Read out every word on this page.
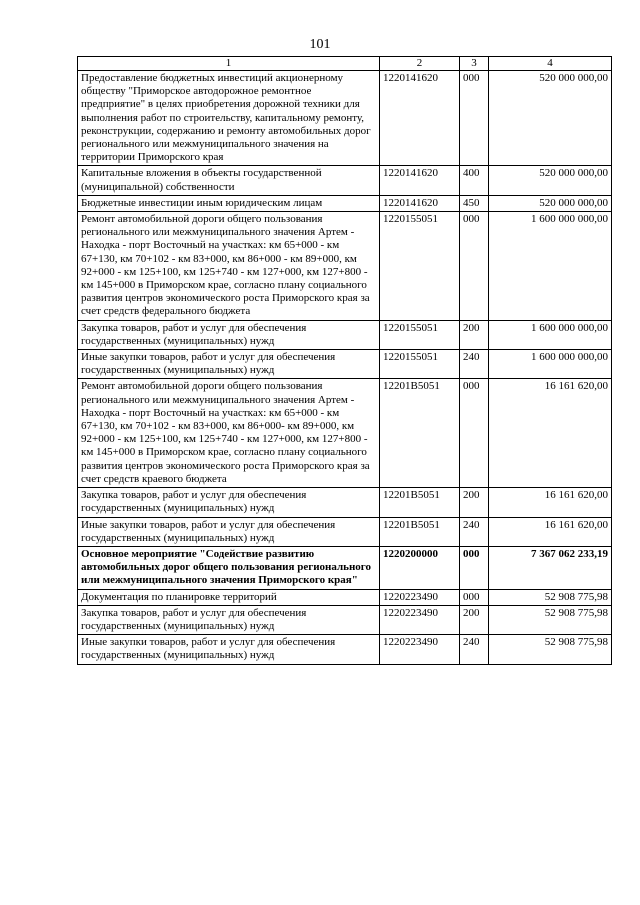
101
1	2	3	4
Предоставление бюджетных инвестиций акционерному обществу "Приморское автодорожное ремонтное предприятие" в целях приобретения дорожной техники для выполнения работ по строительству, капитальному ремонту, реконструкции, содержанию и ремонту автомобильных дорог регионального или межмуниципального значения на территории Приморского края	1220141620	000	520 000 000,00
Капитальные вложения в объекты государственной (муниципальной) собственности	1220141620	400	520 000 000,00
Бюджетные инвестиции иным юридическим лицам	1220141620	450	520 000 000,00
Ремонт автомобильной дороги общего пользования регионального или межмуниципального значения Артем - Находка - порт Восточный на участках: км 65+000 - км 67+130, км 70+102 - км 83+000, км 86+000 - км 89+000, км 92+000 - км 125+100, км 125+740 - км 127+000, км 127+800 - км 145+000 в Приморском крае, согласно плану социального развития центров экономического роста Приморского края за счет средств федерального бюджета	1220155051	000	1 600 000 000,00
Закупка товаров, работ и услуг для обеспечения государственных (муниципальных) нужд	1220155051	200	1 600 000 000,00
Иные закупки товаров, работ и услуг для обеспечения государственных (муниципальных) нужд	1220155051	240	1 600 000 000,00
Ремонт автомобильной дороги общего пользования регионального или межмуниципального значения Артем - Находка - порт Восточный на участках: км 65+000 - км 67+130, км 70+102 - км 83+000, км 86+000- км 89+000, км 92+000 - км 125+100, км 125+740 - км 127+000, км 127+800 - км 145+000 в Приморском крае, согласно плану социального развития центров экономического роста Приморского края за счет средств краевого бюджета	12201В5051	000	16 161 620,00
Закупка товаров, работ и услуг для обеспечения государственных (муниципальных) нужд	12201В5051	200	16 161 620,00
Иные закупки товаров, работ и услуг для обеспечения государственных (муниципальных) нужд	12201В5051	240	16 161 620,00
Основное мероприятие "Содействие развитию автомобильных дорог общего пользования регионального или межмуниципального значения Приморского края"	1220200000	000	7 367 062 233,19
Документация по планировке территорий	1220223490	000	52 908 775,98
Закупка товаров, работ и услуг для обеспечения государственных (муниципальных) нужд	1220223490	200	52 908 775,98
Иные закупки товаров, работ и услуг для обеспечения государственных (муниципальных) нужд	1220223490	240	52 908 775,98
